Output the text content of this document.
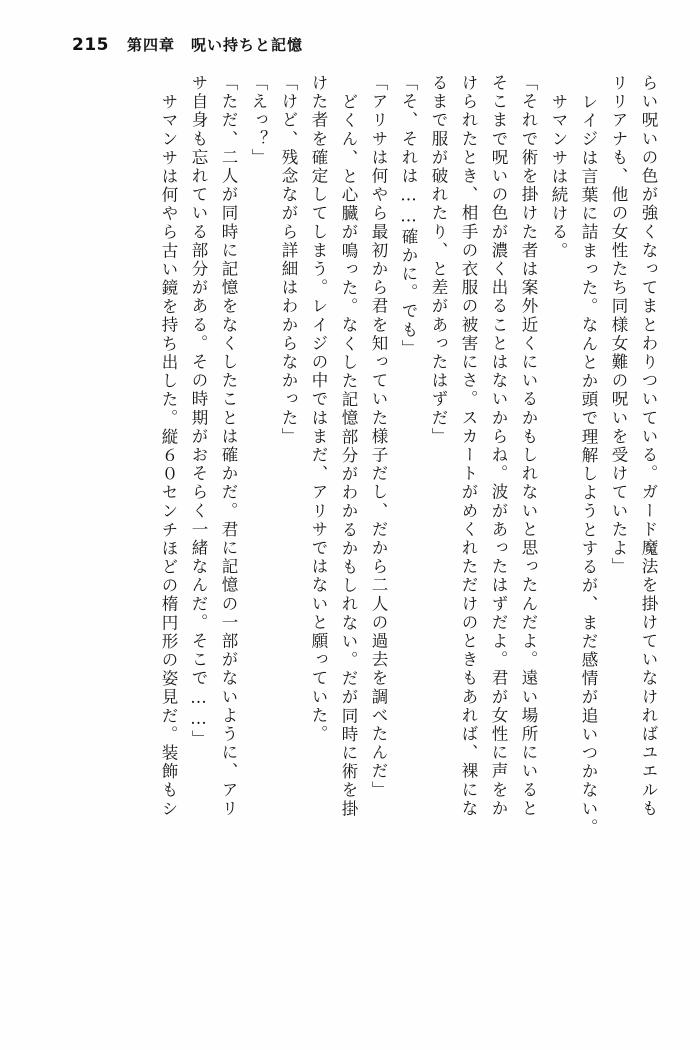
215 第四章　呪い持ちと記憶
らい呪いの色が強くなってまとわりついている。ガード魔法を掛けていなければユエルも
リリアナも、他の女性たち同様女難の呪いを受けていたよ」
レイジは言葉に詰まった。なんとか頭で理解しようとするが、まだ感情が追いつかない。
サマンサは続ける。
「それで術を掛けた者は案外近くにいるかもしれないと思ったんだよ。遠い場所にいると
そこまで呪いの色が濃く出ることはないからね。波があったはずだよ。君が女性に声をか
けられたとき、相手の衣服の被害にさ。スカートがめくれただけのときもあれば、裸にな
るまで服が破れたり、と差があったはずだ」
「そ、それは……確かに。でも」
「アリサは何やら最初から君を知っていた様子だし、だから二人の過去を調べたんだ」
どくん、と心臓が鳴った。なくした記憶部分がわかるかもしれない。だが同時に術を掛
けた者を確定してしまう。レイジの中ではまだ、アリサではないと願っていた。
「けど、残念ながら詳細はわからなかった」
「えっ？」
「ただ、二人が同時に記憶をなくしたことは確かだ。君に記憶の一部がないように、アリ
サ自身も忘れている部分がある。その時期がおそらく一緒なんだ。そこで……」
サマンサは何やら古い鏡を持ち出した。縦６０センチほどの楕円形の姿見だ。装飾もシ
